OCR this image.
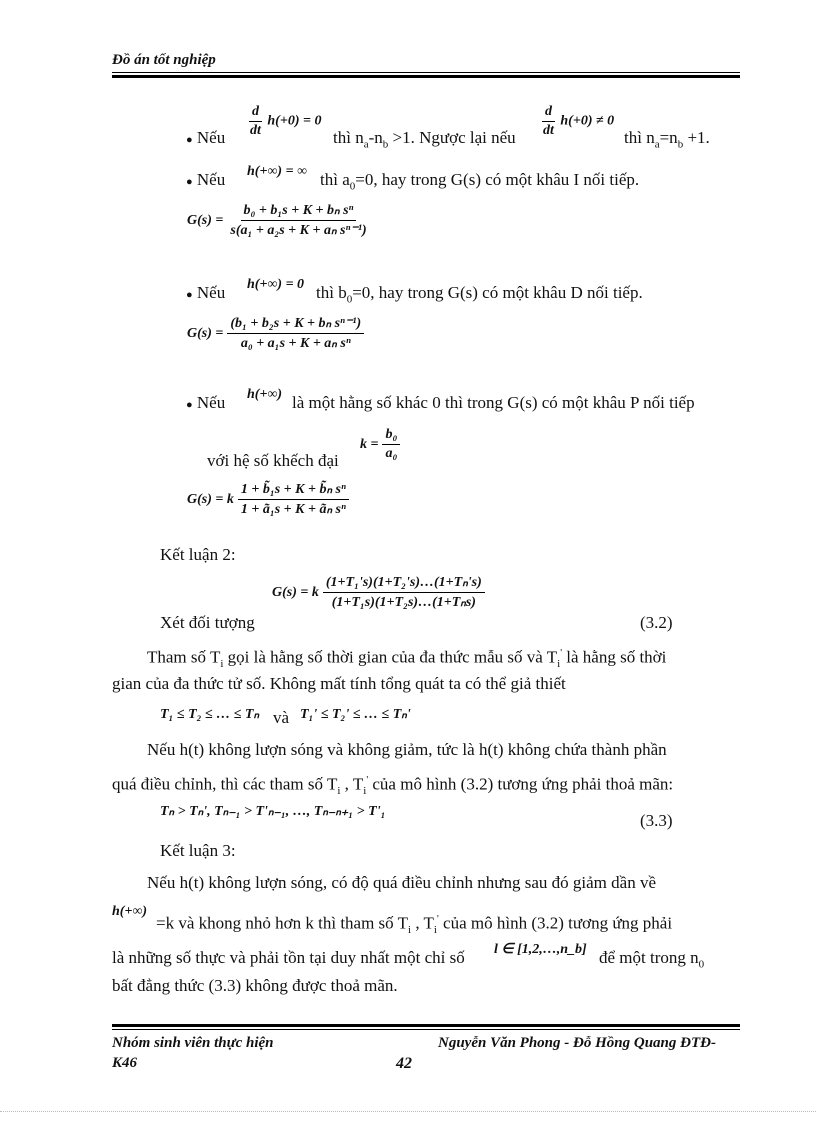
Đồ án tốt nghiệp
● Nếu $\frac{d}{dt} h(+0) = 0$
thì $n_a-n_b >1$. Ngược lại nếu $\frac{d}{dt} h(+0) \ne 0$
thì $n_a=n_b +1$.
● Nếu h(+∞) = ∞ thì $a_0=0$, hay trong G(s) có một khâu I nối tiếp.
$G(s) = \frac{\text{b₀ + b₁s + K + bₙ sⁿ}}{\text{s(a₁ + a₂s + K + aₙ sⁿ⁻¹)}}$
● Nếu h(+∞) = 0 thì $b_0=0$, hay trong G(s) có một khâu D nối tiếp.
$G(s) = \frac{\text{(b₁ + b₂s + K + bₙ sⁿ⁻¹)}}{\text{a₀ + a₁s + K + aₙ sⁿ}}$
● Nếu h(+∞) là một hằng số khác 0 thì trong G(s) có một khâu P nối tiếp
với hệ số khếch đại
$k = \frac{\text{b₀}}{\text{a₀}}$
G(s) = k $\frac{\text{1 + b̃₁s + K + b̃ₙ sⁿ}}{\text{1 + ã₁s + K + ãₙ sⁿ}}$
Kết luận 2:
Xét đối tượng
G(s) = k $\frac{\text{(1+T₁'s)(1+T₂'s)…(1+Tₙ's)}}{\text{(1+T₁s)(1+T₂s)…(1+Tₙs)}}$
(3.2)
Tham số $T_i$ gọi là hằng số thời gian của đa thức mẫu số và $T_i'$ là hằng số thời
gian của đa thức tử số. Không mất tính tổng quát ta có thể giả thiết
T₁ ≤ T₂ ≤ … ≤ Tₙ và T₁' ≤ T₂' ≤ … ≤ Tₙ'
Nếu h(t) không lượn sóng và không giảm, tức là h(t) không chứa thành phần
quá điều chỉnh, thì các tham số $T_i$ , $T_i'$ của mô hình (3.2) tương ứng phải thoả mãn:
Tₙ > Tₙ', Tₙ₋₁ > T'ₙ₋₁, …, Tₙ₋ₙ₊₁ > T'₁	(3.3)
Kết luận 3:
Nếu h(t) không lượn sóng, có độ quá điều chỉnh nhưng sau đó giảm dần về
h(+∞)
=k và khong nhỏ hơn k thì tham số $T_i$ , $T_i'$ của mô hình (3.2) tương ứng phải
là những số thực và phải tồn tại duy nhất một chỉ số l ∈ [1,2,…,n_b] để một trong $n_0$
bất đẳng thức (3.3) không được thoả mãn.
Nhóm sinh viên thực hiện
K46
Nguyễn Văn Phong - Đỗ Hồng Quang ĐTĐ-
42
